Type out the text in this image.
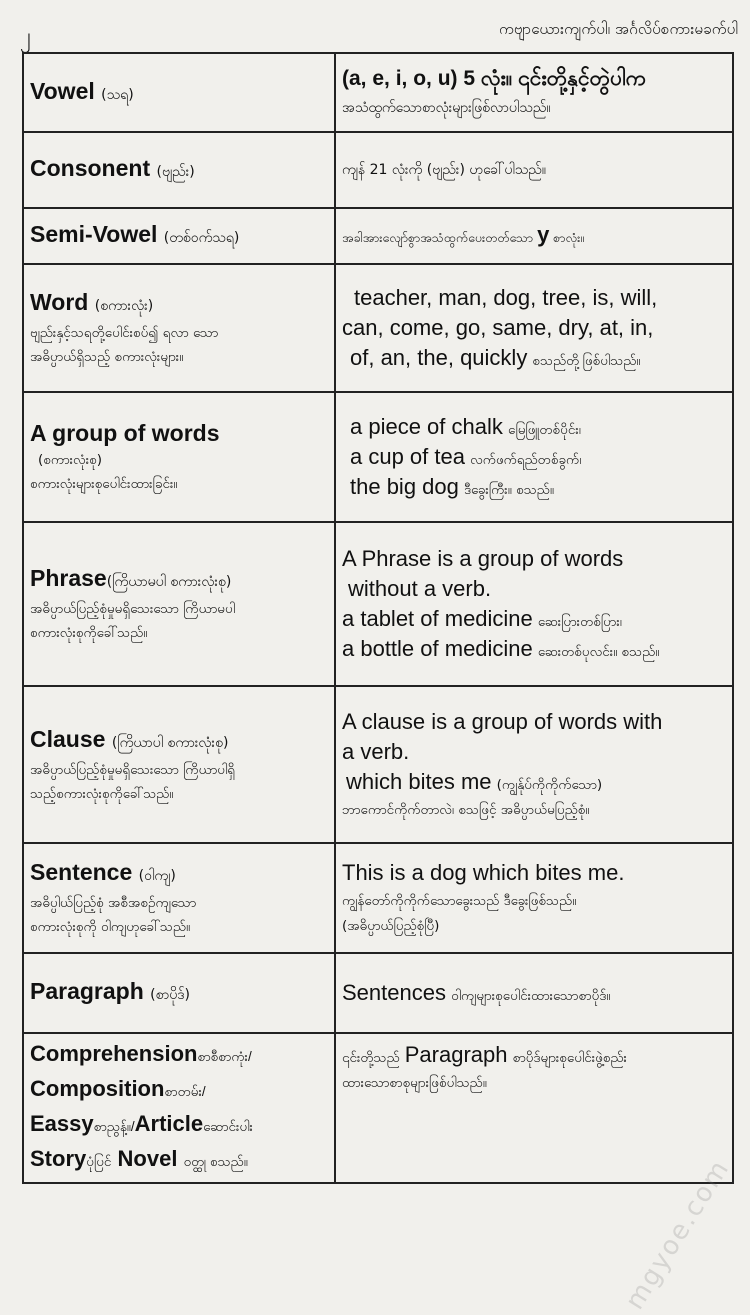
၂	ကဗျာယေားကျက်ပါ၊ အင်္ဂလိပ်စကားမခက်ပါ
Vowel (သရ)	(a, e, i, o, u) 5 လုံး။ ၎င်းတို့နှင့်တွဲပါက
အသံထွက်သောစာလုံးများဖြစ်လာပါသည်။

Consonent (ဗျည်း)	ကျန် 21 လုံးကို (ဗျည်း) ဟုခေါ်ပါသည်။

Semi-Vowel (တစ်ဝက်သရ)	အခါအားလျော်စွာအသံထွက်ပေးတတ်သော y စာလုံး။

Word (စကားလုံး)
ဗျည်းနှင့်သရတို့ပေါင်းစပ်၍ ရလာ သော
အဓိပ္ပာယ်ရှိသည့် စကားလုံးများ။	teacher, man, dog, tree, is, will,
can, come, go, same, dry, at, in,
of, an, the, quickly စသည်တို့ဖြစ်ပါသည်။

A group of words
(စကားလုံးစု)
စကားလုံးများစုပေါင်းထားခြင်း။	a piece of chalk မြေဖြူတစ်ပိုင်း၊
a cup of tea လက်ဖက်ရည်တစ်ခွက်၊
the big dog ဒီခွေးကြီး။ စသည်။

Phrase(ကြိယာမပါ စကားလုံးစု)
အဓိပ္ပာယ်ပြည့်စုံမှုမရှိသေးသော ကြိယာမပါ
စကားလုံးစုကိုခေါ်သည်။	A Phrase is a group of words
without a verb.
a tablet of medicine ဆေးပြားတစ်ပြား၊
a bottle of medicine ဆေးတစ်ပုလင်း။ စသည်။

Clause (ကြိယာပါ စကားလုံးစု)
အဓိပ္ပာယ်ပြည့်စုံမှုမရှိသေးသော ကြိယာပါရှိ
သည့်စကားလုံးစုကိုခေါ်သည်။	A clause is a group of words with
a verb.
which bites me (ကျွန်ုပ်ကိုကိုက်သော)
ဘာကောင်ကိုက်တာလဲ၊ စသဖြင့် အဓိပ္ပာယ်မပြည့်စုံ။

Sentence (ဝါကျ)
အဓိပ္ပါယ်ပြည့်စုံ အစီအစဉ်ကျသော
စကားလုံးစုကို ဝါကျဟုခေါ်သည်။	This is a dog which bites me.
ကျွန်တော်ကိုကိုက်သောခွေးသည် ဒီခွေးဖြစ်သည်။
(အဓိပ္ပာယ်ပြည့်စုံပြီ)

Paragraph (စာပိုဒ်)	Sentences ဝါကျများစုပေါင်းထားသောစာပိုဒ်။

Comprehensionစာစီစာကုံး/
Compositionစာတမ်း/
Eassyစာညွန့်။/Articleဆောင်းပါး
Storyပုံပြင် Novel ဝတ္ထု စသည်။	၎င်းတို့သည် Paragraph စာပိုဒ်များစုပေါင်းဖွဲ့စည်း
ထားသောစာစုများဖြစ်ပါသည်။
mgyoe.com
